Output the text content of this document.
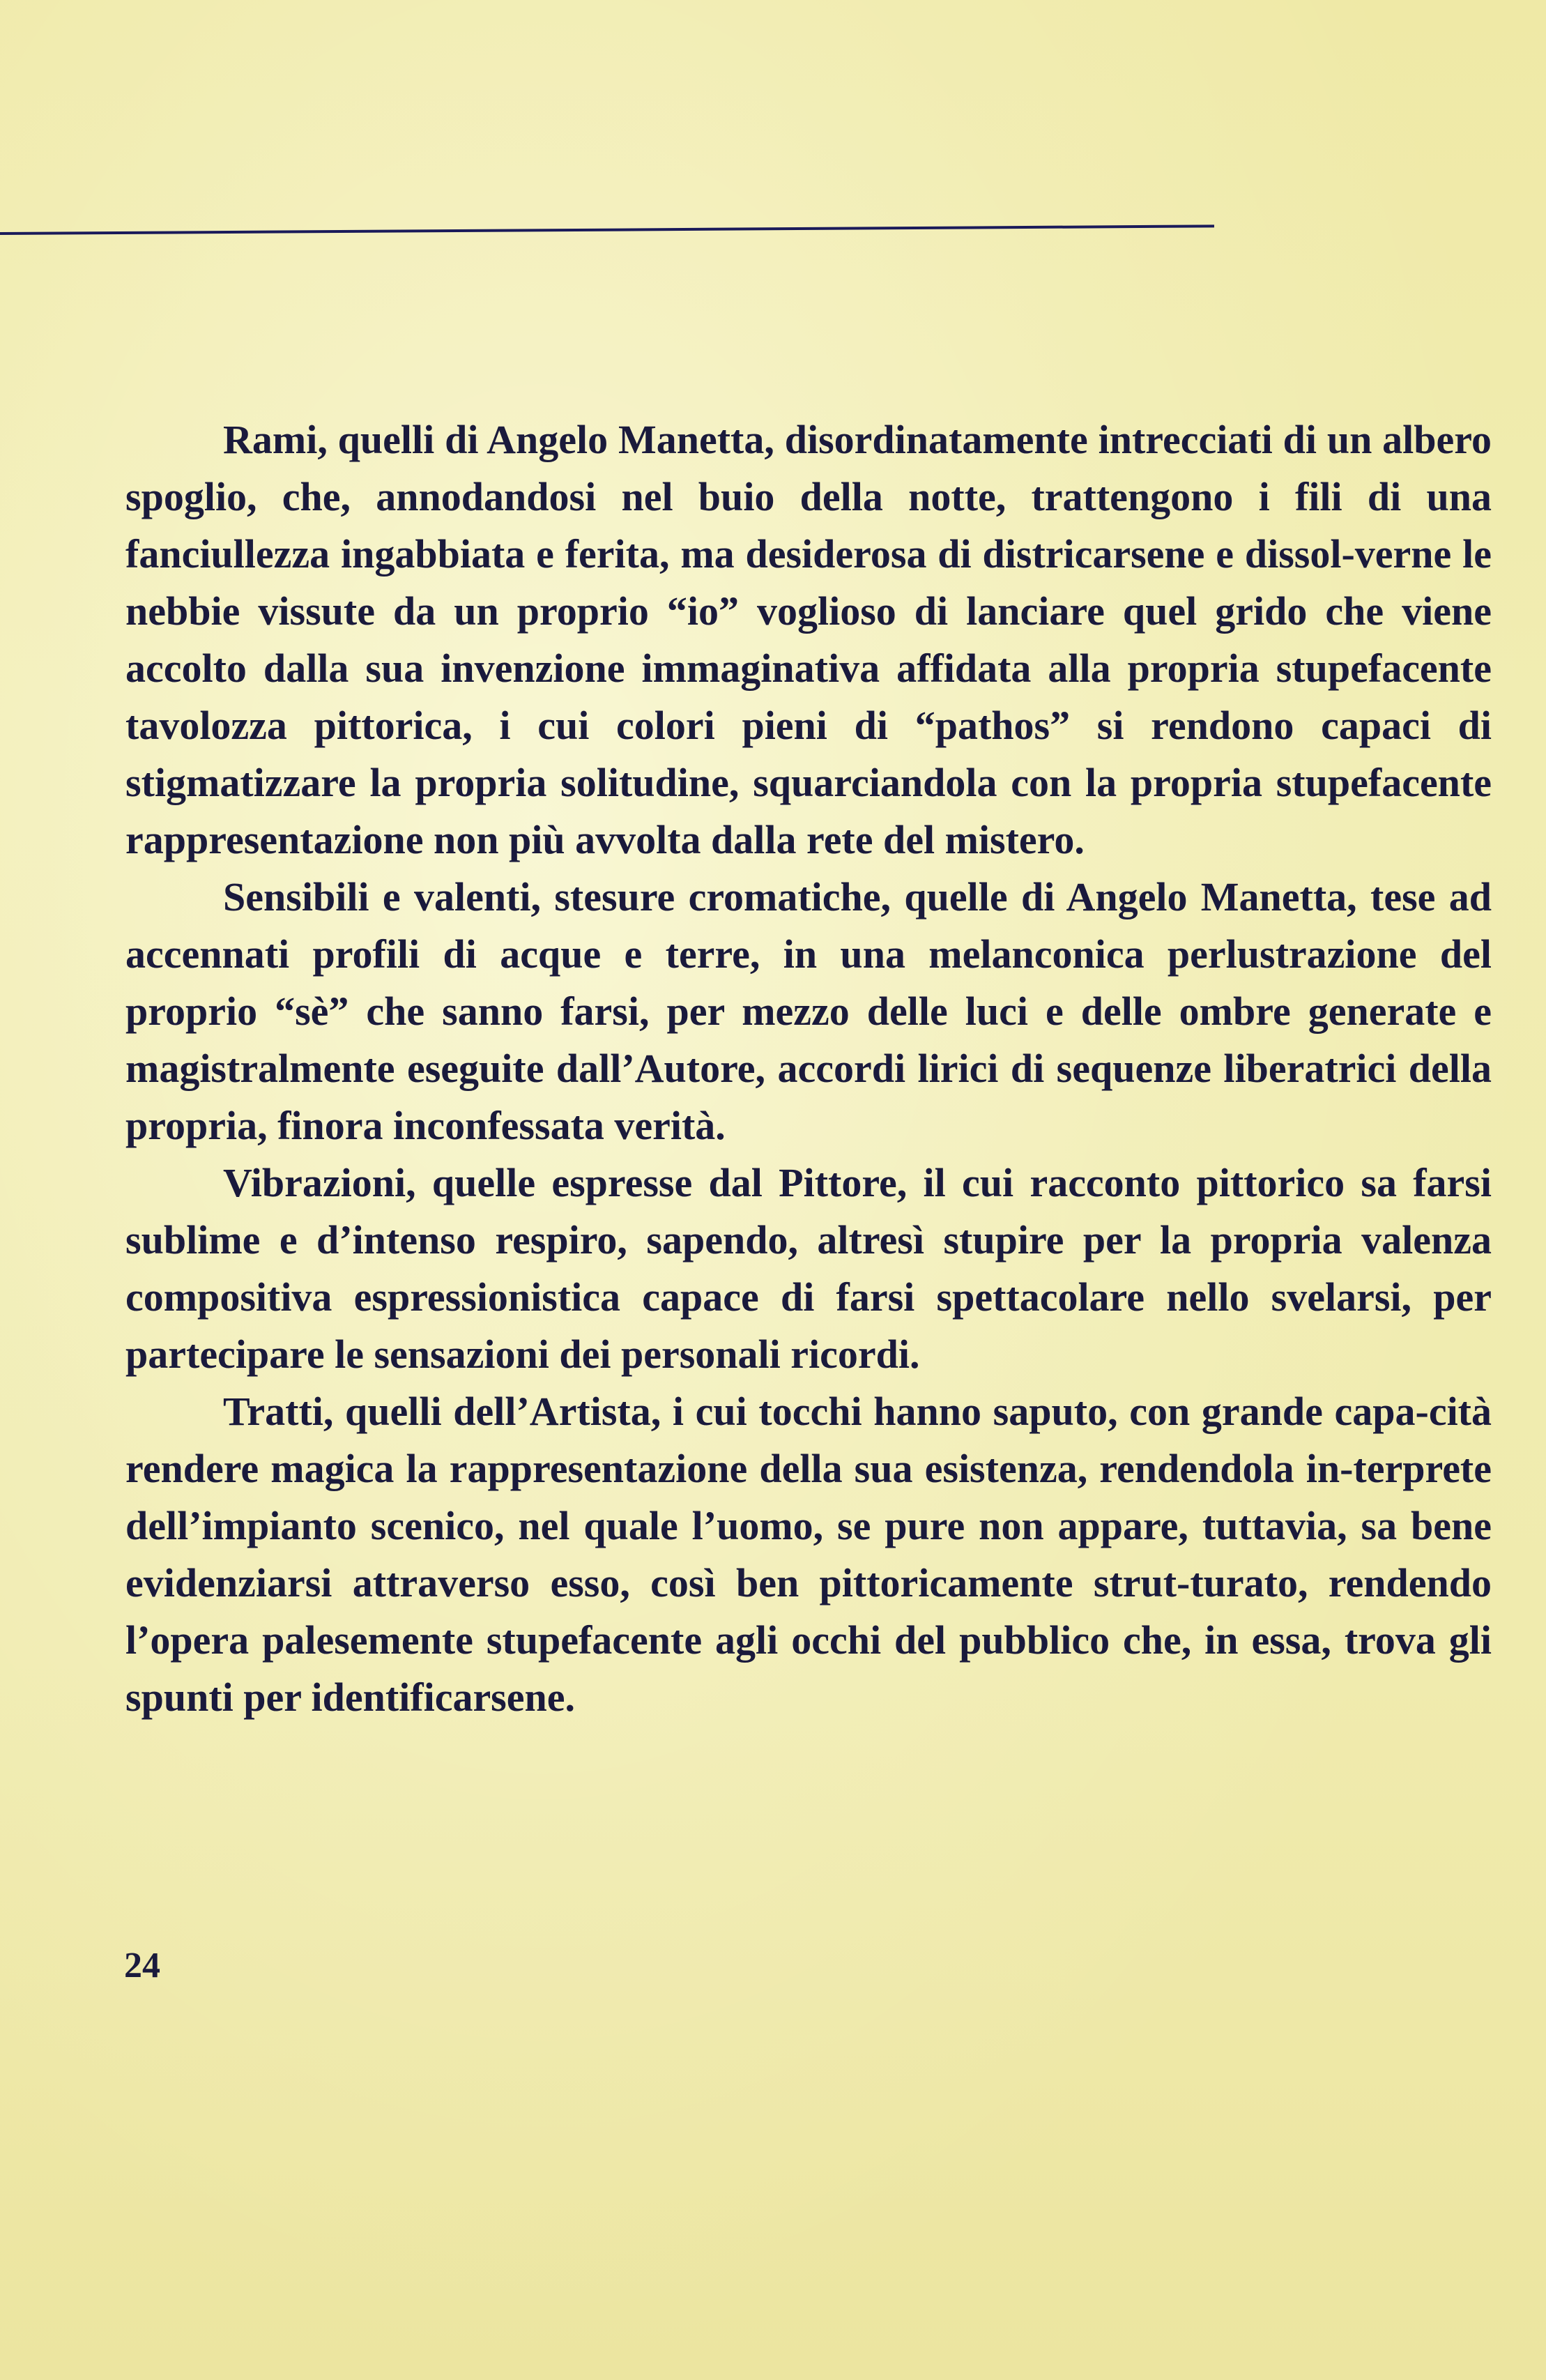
Rami, quelli di Angelo Manetta, disordinatamente intrecciati di un albero spoglio, che, annodandosi nel buio della notte, trattengono i fili di una fanciullezza ingabbiata e ferita, ma desiderosa di districarsene e dissol-verne le nebbie vissute da un proprio “io” voglioso di lanciare quel grido che viene accolto dalla sua invenzione immaginativa affidata alla propria stupefacente tavolozza pittorica, i cui colori pieni di “pathos” si rendono capaci di stigmatizzare la propria solitudine, squarciandola con la propria stupefacente rappresentazione non più avvolta dalla rete del mistero.

Sensibili e valenti, stesure cromatiche, quelle di Angelo Manetta, tese ad accennati profili di acque e terre, in una melanconica perlustrazione del proprio “sè” che sanno farsi, per mezzo delle luci e delle ombre generate e magistralmente eseguite dall’Autore, accordi lirici di sequenze liberatrici della propria, finora inconfessata verità.

Vibrazioni, quelle espresse dal Pittore, il cui racconto pittorico sa farsi sublime e d’intenso respiro, sapendo, altresì stupire per la propria valenza compositiva espressionistica capace di farsi spettacolare nello svelarsi, per partecipare le sensazioni dei personali ricordi.

Tratti, quelli dell’Artista, i cui tocchi hanno saputo, con grande capa-cità rendere magica la rappresentazione della sua esistenza, rendendola in-terprete dell’impianto scenico, nel quale l’uomo, se pure non appare, tuttavia, sa bene evidenziarsi attraverso esso, così ben pittoricamente strut-turato, rendendo l’opera palesemente stupefacente agli occhi del pubblico che, in essa, trova gli spunti per identificarsene.

24
